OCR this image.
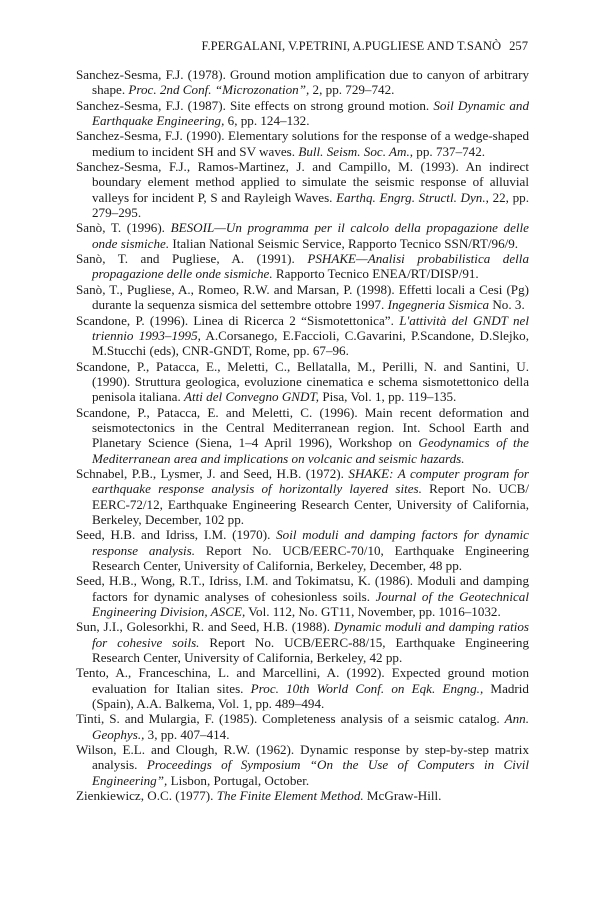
F.PERGALANI, V.PETRINI, A.PUGLIESE AND T.SANÒ 257

Sanchez-Sesma, F.J. (1978). Ground motion amplification due to canyon of arbitrary shape. Proc. 2nd Conf. “Microzonation”, 2, pp. 729–742.

Sanchez-Sesma, F.J. (1987). Site effects on strong ground motion. Soil Dynamic and Earthquake Engineering, 6, pp. 124–132.

Sanchez-Sesma, F.J. (1990). Elementary solutions for the response of a wedge-shaped medium to incident SH and SV waves. Bull. Seism. Soc. Am., pp. 737–742.

Sanchez-Sesma, F.J., Ramos-Martinez, J. and Campillo, M. (1993). An indirect boundary element method applied to simulate the seismic response of alluvial valleys for incident P, S and Rayleigh Waves. Earthq. Engrg. Structl. Dyn., 22, pp. 279–295.

Sanò, T. (1996). BESOIL—Un programma per il calcolo della propagazione delle onde sismiche. Italian National Seismic Service, Rapporto Tecnico SSN/RT/96/9.

Sanò, T. and Pugliese, A. (1991). PSHAKE—Analisi probabilistica della propagazione delle onde sismiche. Rapporto Tecnico ENEA/RT/DISP/91.

Sanò, T., Pugliese, A., Romeo, R.W. and Marsan, P. (1998). Effetti locali a Cesi (Pg) durante la sequenza sismica del settembre ottobre 1997. Ingegneria Sismica No. 3.

Scandone, P. (1996). Linea di Ricerca 2 “Sismotettonica”. L'attività del GNDT nel triennio 1993–1995, A.Corsanego, E.Faccioli, C.Gavarini, P.Scandone, D.Slejko, M.Stucchi (eds), CNR-GNDT, Rome, pp. 67–96.

Scandone, P., Patacca, E., Meletti, C., Bellatalla, M., Perilli, N. and Santini, U. (1990). Struttura geologica, evoluzione cinematica e schema sismotettonico della penisola italiana. Atti del Convegno GNDT, Pisa, Vol. 1, pp. 119–135.

Scandone, P., Patacca, E. and Meletti, C. (1996). Main recent deformation and seismotectonics in the Central Mediterranean region. Int. School Earth and Planetary Science (Siena, 1–4 April 1996), Workshop on Geodynamics of the Mediterranean area and implications on volcanic and seismic hazards.

Schnabel, P.B., Lysmer, J. and Seed, H.B. (1972). SHAKE: A computer program for earthquake response analysis of horizontally layered sites. Report No. UCB/ EERC-72/12, Earthquake Engineering Research Center, University of California, Berkeley, December, 102 pp.

Seed, H.B. and Idriss, I.M. (1970). Soil moduli and damping factors for dynamic response analysis. Report No. UCB/EERC-70/10, Earthquake Engineering Research Center, University of California, Berkeley, December, 48 pp.

Seed, H.B., Wong, R.T., Idriss, I.M. and Tokimatsu, K. (1986). Moduli and damping factors for dynamic analyses of cohesionless soils. Journal of the Geotechnical Engineering Division, ASCE, Vol. 112, No. GT11, November, pp. 1016–1032.

Sun, J.I., Golesorkhi, R. and Seed, H.B. (1988). Dynamic moduli and damping ratios for cohesive soils. Report No. UCB/EERC-88/15, Earthquake Engineering Research Center, University of California, Berkeley, 42 pp.

Tento, A., Franceschina, L. and Marcellini, A. (1992). Expected ground motion evaluation for Italian sites. Proc. 10th World Conf. on Eqk. Engng., Madrid (Spain), A.A. Balkema, Vol. 1, pp. 489–494.

Tinti, S. and Mulargia, F. (1985). Completeness analysis of a seismic catalog. Ann. Geophys., 3, pp. 407–414.

Wilson, E.L. and Clough, R.W. (1962). Dynamic response by step-by-step matrix analysis. Proceedings of Symposium “On the Use of Computers in Civil Engineering”, Lisbon, Portugal, October.

Zienkiewicz, O.C. (1977). The Finite Element Method. McGraw-Hill.
